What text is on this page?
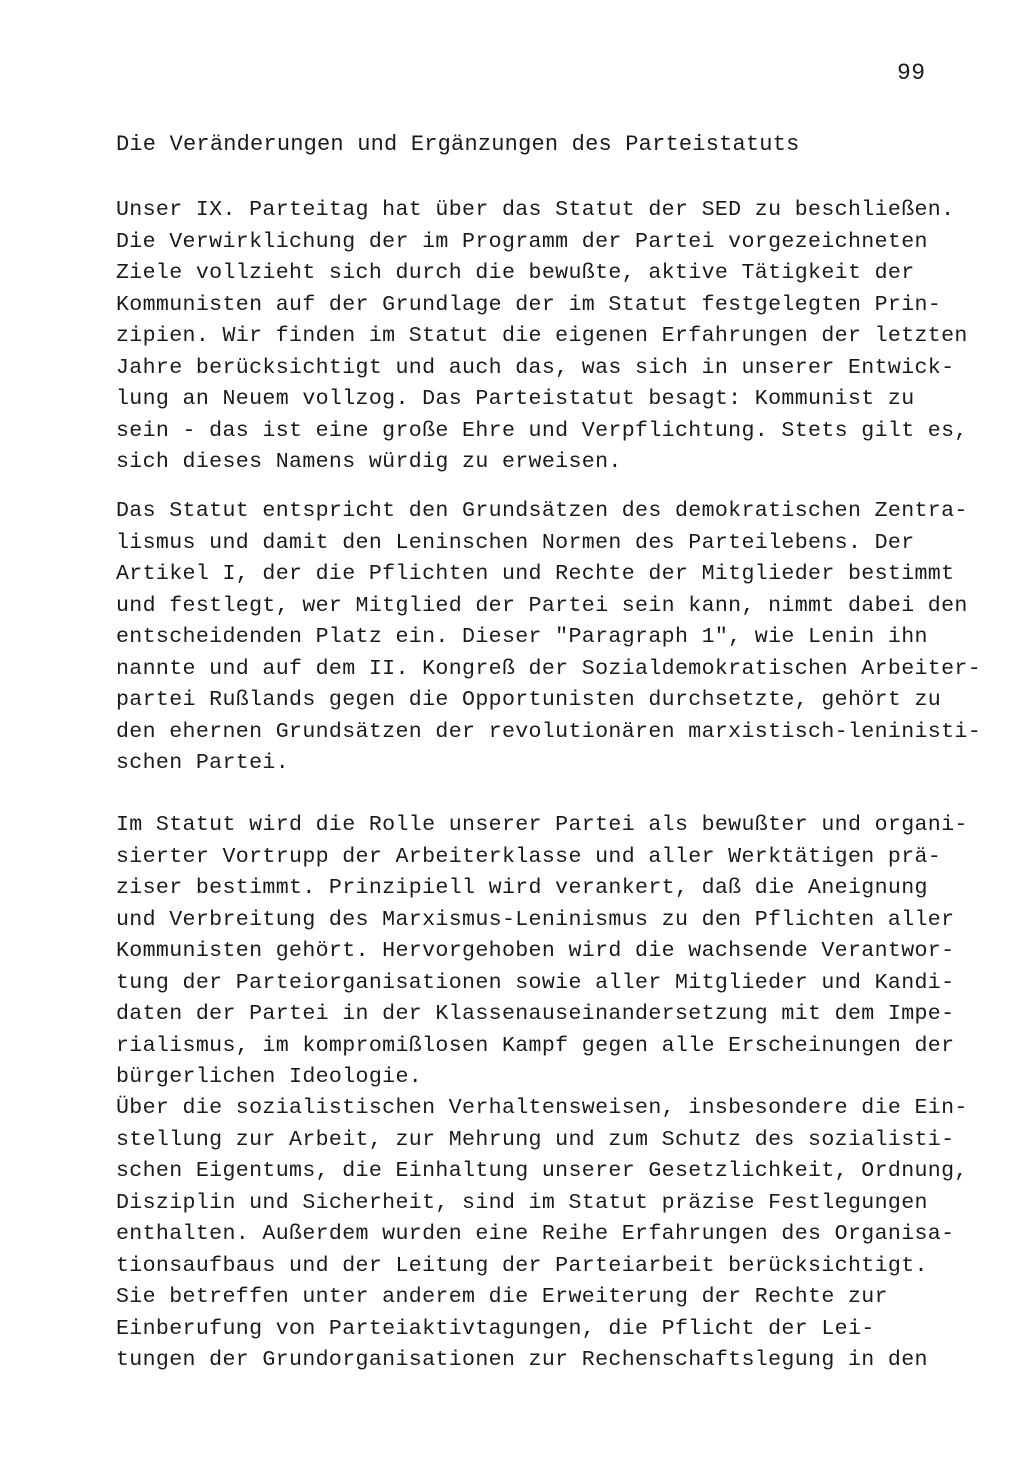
99
Die Veränderungen und Ergänzungen des Parteistatuts
Unser IX. Parteitag hat über das Statut der SED zu beschließen.
Die Verwirklichung der im Programm der Partei vorgezeichneten
Ziele vollzieht sich durch die bewußte, aktive Tätigkeit der
Kommunisten auf der Grundlage der im Statut festgelegten Prin-
zipien. Wir finden im Statut die eigenen Erfahrungen der letzten
Jahre berücksichtigt und auch das, was sich in unserer Entwick-
lung an Neuem vollzog. Das Parteistatut besagt: Kommunist zu
sein - das ist eine große Ehre und Verpflichtung. Stets gilt es,
sich dieses Namens würdig zu erweisen.
Das Statut entspricht den Grundsätzen des demokratischen Zentra-
lismus und damit den Leninschen Normen des Parteilebens. Der
Artikel I, der die Pflichten und Rechte der Mitglieder bestimmt
und festlegt, wer Mitglied der Partei sein kann, nimmt dabei den
entscheidenden Platz ein. Dieser "Paragraph 1", wie Lenin ihn
nannte und auf dem II. Kongreß der Sozialdemokratischen Arbeiter-
partei Rußlands gegen die Opportunisten durchsetzte, gehört zu
den ehernen Grundsätzen der revolutionären marxistisch-leninisti-
schen Partei.
Im Statut wird die Rolle unserer Partei als bewußter und organi-
sierter Vortrupp der Arbeiterklasse und aller Werktätigen prä-
ziser bestimmt. Prinzipiell wird verankert, daß die Aneignung
und Verbreitung des Marxismus-Leninismus zu den Pflichten aller
Kommunisten gehört. Hervorgehoben wird die wachsende Verantwor-
tung der Parteiorganisationen sowie aller Mitglieder und Kandi-
daten der Partei in der Klassenauseinandersetzung mit dem Impe-
rialismus, im kompromißlosen Kampf gegen alle Erscheinungen der
bürgerlichen Ideologie.
Über die sozialistischen Verhaltensweisen, insbesondere die Ein-
stellung zur Arbeit, zur Mehrung und zum Schutz des sozialisti-
schen Eigentums, die Einhaltung unserer Gesetzlichkeit, Ordnung,
Disziplin und Sicherheit, sind im Statut präzise Festlegungen
enthalten. Außerdem wurden eine Reihe Erfahrungen des Organisa-
tionsaufbaus und der Leitung der Parteiarbeit berücksichtigt.
Sie betreffen unter anderem die Erweiterung der Rechte zur
Einberufung von Parteiaktivtagungen, die Pflicht der Lei-
tungen der Grundorganisationen zur Rechenschaftslegung in den
